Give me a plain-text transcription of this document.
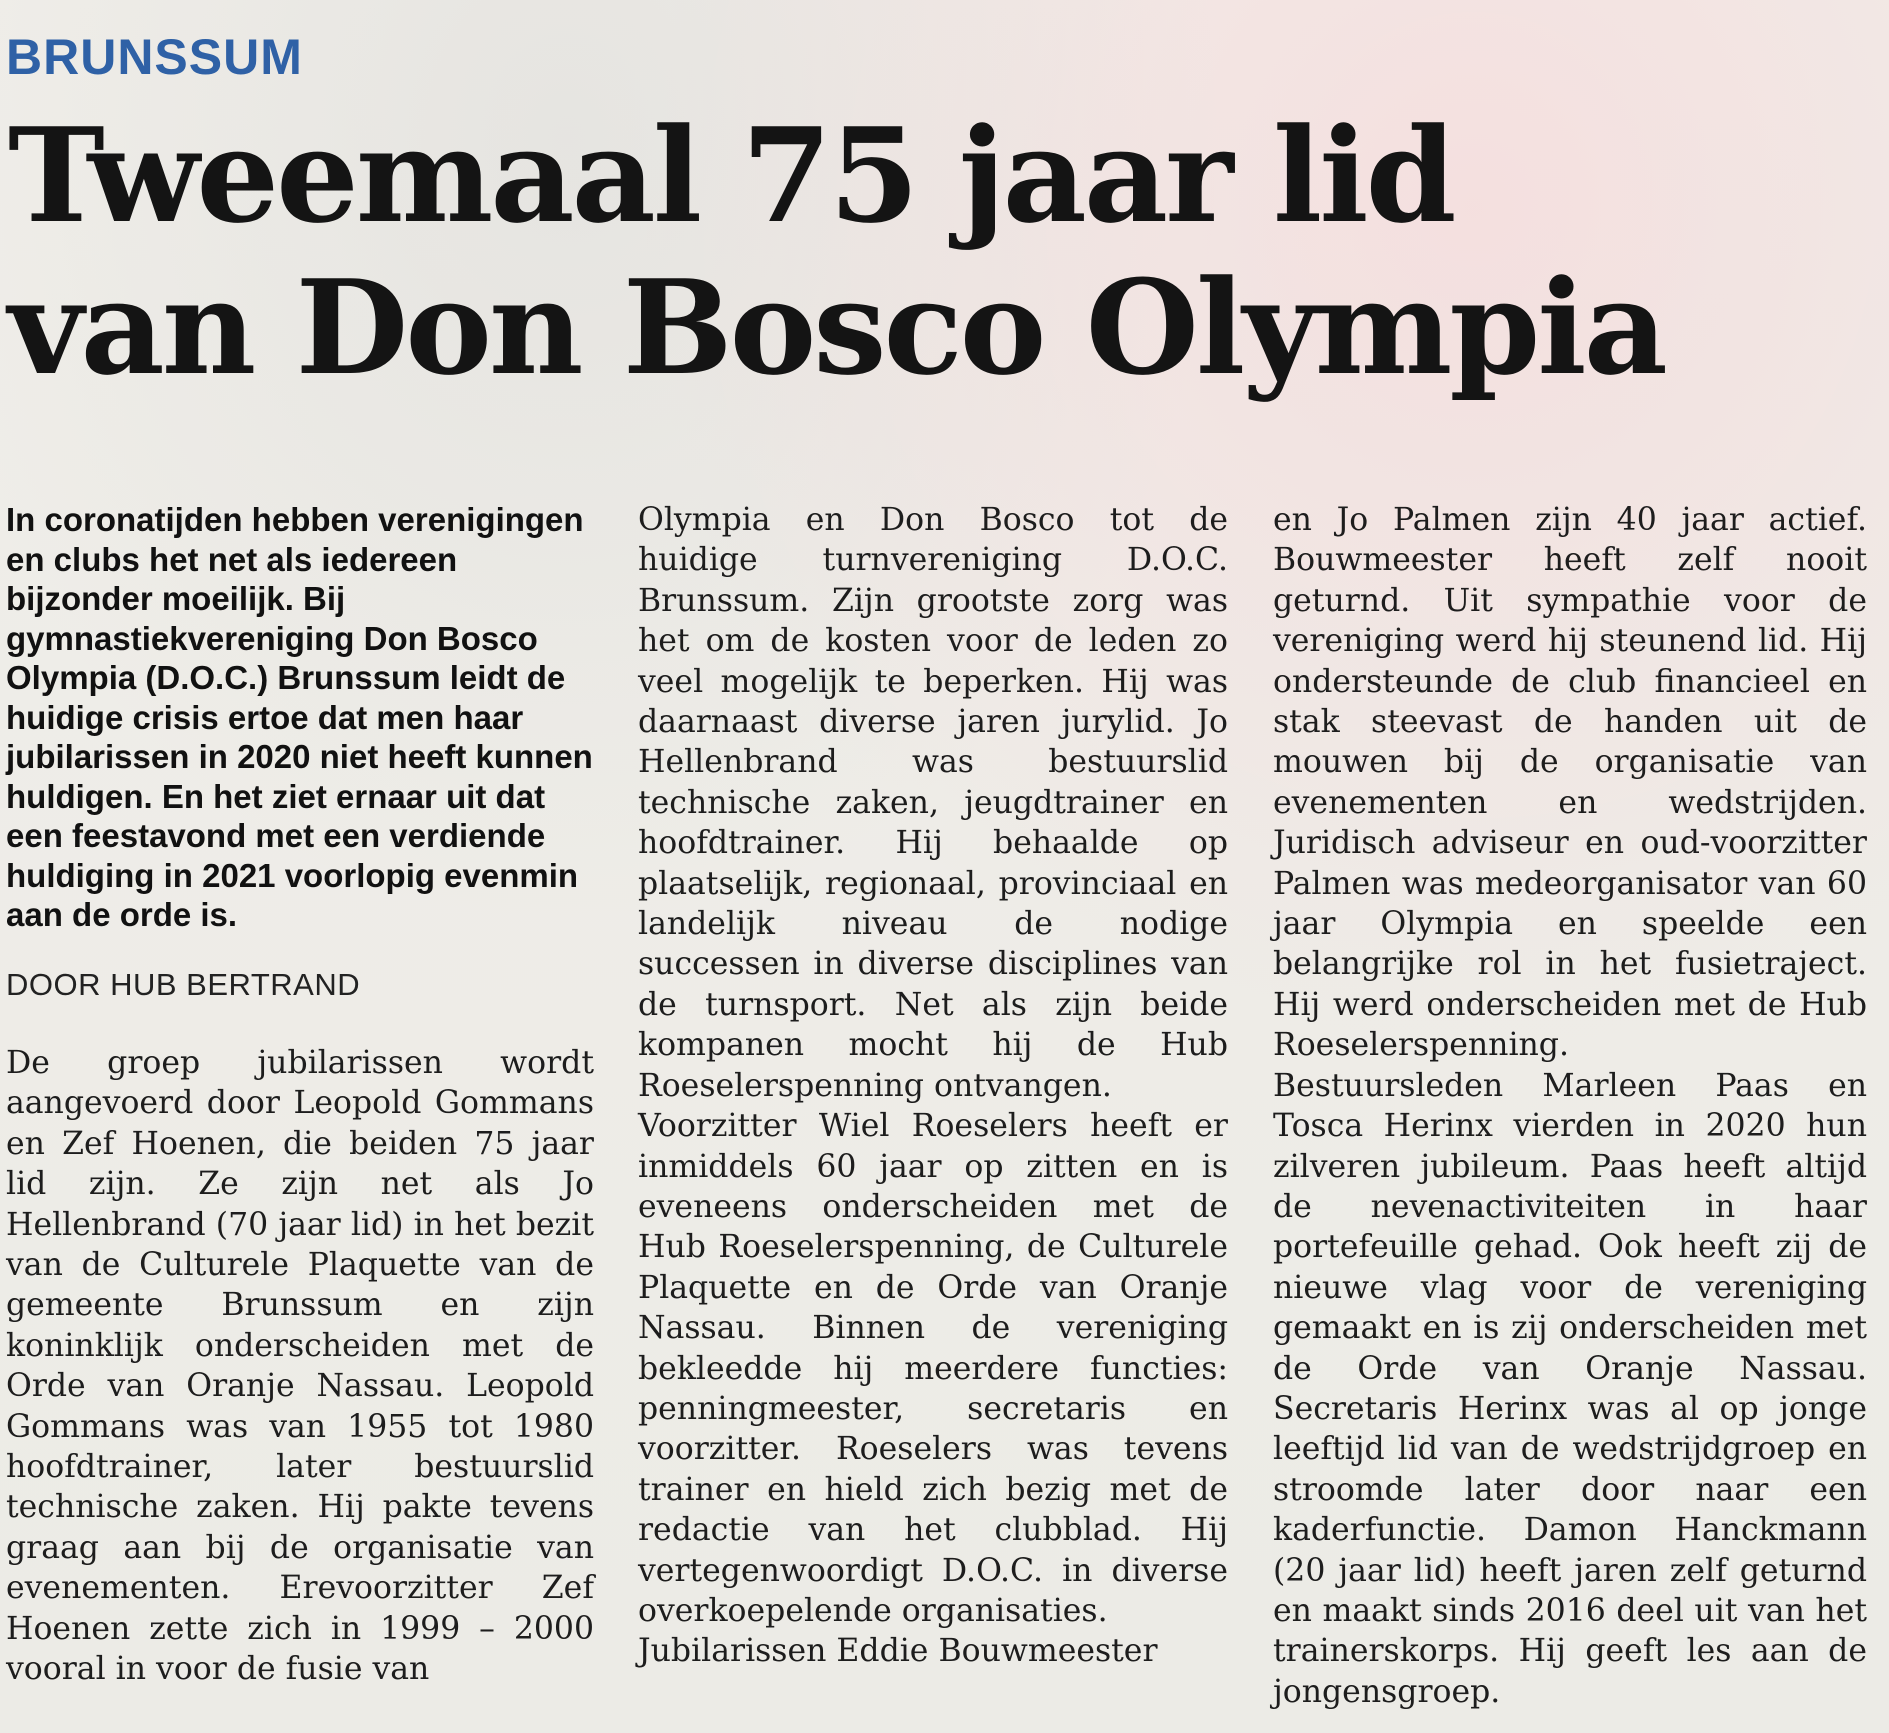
BRUNSSUM
Tweemaal 75 jaar lid
van Don Bosco Olympia

In coronatijden hebben verenigingen en clubs het net als iedereen bijzonder moeilijk. Bij gymnastiekvereniging Don Bosco Olympia (D.O.C.) Brunssum leidt de huidige crisis ertoe dat men haar jubilarissen in 2020 niet heeft kunnen huldigen. En het ziet ernaar uit dat een feestavond met een verdiende huldiging in 2021 voorlopig evenmin aan de orde is.

DOOR HUB BERTRAND

De groep jubilarissen wordt aangevoerd door Leopold Gommans en Zef Hoenen, die beiden 75 jaar lid zijn. Ze zijn net als Jo Hellenbrand (70 jaar lid) in het bezit van de Culturele Plaquette van de gemeente Brunssum en zijn koninklijk onderscheiden met de Orde van Oranje Nassau. Leopold Gommans was van 1955 tot 1980 hoofdtrainer, later bestuurslid technische zaken. Hij pakte tevens graag aan bij de organisatie van evenementen. Erevoorzitter Zef Hoenen zette zich in 1999 – 2000 vooral in voor de fusie van

Olympia en Don Bosco tot de huidige turnvereniging D.O.C. Brunssum. Zijn grootste zorg was het om de kosten voor de leden zo veel mogelijk te beperken. Hij was daarnaast diverse jaren jurylid. Jo Hellenbrand was bestuurslid technische zaken, jeugdtrainer en hoofdtrainer. Hij behaalde op plaatselijk, regionaal, provinciaal en landelijk niveau de nodige successen in diverse disciplines van de turnsport. Net als zijn beide kompanen mocht hij de Hub Roeselerspenning ontvangen.

Voorzitter Wiel Roeselers heeft er inmiddels 60 jaar op zitten en is eveneens onderscheiden met de Hub Roeselerspenning, de Culturele Plaquette en de Orde van Oranje Nassau. Binnen de vereniging bekleedde hij meerdere functies: penningmeester, secretaris en voorzitter. Roeselers was tevens trainer en hield zich bezig met de redactie van het clubblad. Hij vertegenwoordigt D.O.C. in diverse overkoepelende organisaties.

Jubilarissen Eddie Bouwmeester

en Jo Palmen zijn 40 jaar actief. Bouwmeester heeft zelf nooit geturnd. Uit sympathie voor de vereniging werd hij steunend lid. Hij ondersteunde de club financieel en stak steevast de handen uit de mouwen bij de organisatie van evenementen en wedstrijden. Juridisch adviseur en oud-voorzitter Palmen was medeorganisator van 60 jaar Olympia en speelde een belangrijke rol in het fusietraject. Hij werd onderscheiden met de Hub Roeselerspenning.

Bestuursleden Marleen Paas en Tosca Herinx vierden in 2020 hun zilveren jubileum. Paas heeft altijd de nevenactiviteiten in haar portefeuille gehad. Ook heeft zij de nieuwe vlag voor de vereniging gemaakt en is zij onderscheiden met de Orde van Oranje Nassau. Secretaris Herinx was al op jonge leeftijd lid van de wedstrijdgroep en stroomde later door naar een kaderfunctie. Damon Hanckmann (20 jaar lid) heeft jaren zelf geturnd en maakt sinds 2016 deel uit van het trainerskorps. Hij geeft les aan de jongensgroep.
